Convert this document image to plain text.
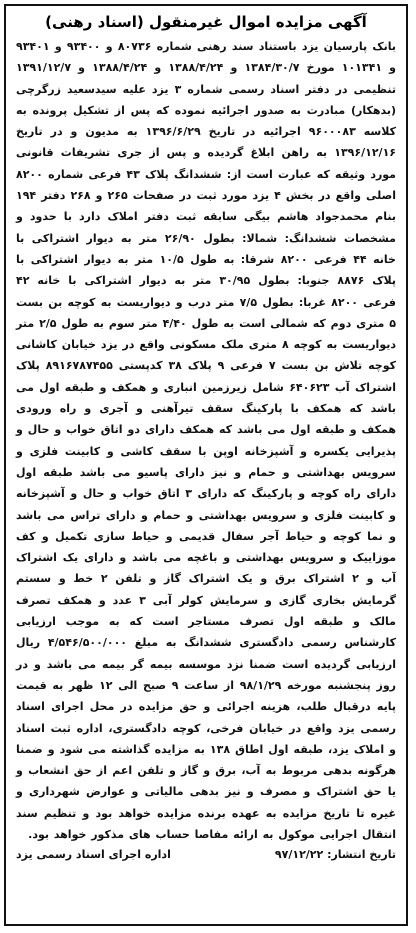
آگهی مزایده اموال غیرمنقول (اسناد رهنی)

بانک پارسیان یزد باستناد سند رهنی شماره ۸۰۷۳۶ و ۹۳۴۰۰ و ۹۳۴۰۱ و ۱۰۱۳۴۱ مورخ ۱۳۸۴/۳۰/۷ و ۱۳۸۸/۴/۲۴ و ۱۳۸۸/۴/۲۴ و ۱۳۹۱/۱۲/۷ تنظیمی در دفتر اسناد رسمی شماره ۳ یزد علیه سیدسعید زرگرچی (بدهکار) مبادرت به صدور اجرائیه نموده که پس از تشکیل پرونده به کلاسه ۹۶۰۰۰۸۳ اجرائیه در تاریخ ۱۳۹۶/۶/۲۹ به مدیون و در تاریخ ۱۳۹۶/۱۲/۱۶ به راهن ابلاغ گردیده و پس از جری تشریفات قانونی مورد وثیقه که عبارت است از: ششدانگ پلاک ۴۳ فرعی شماره ۸۲۰۰ اصلی واقع در بخش ۴ یزد مورد ثبت در صفحات ۲۶۵ و ۲۶۸ دفتر ۱۹۴ بنام محمدجواد هاشم بیگی سابقه ثبت دفتر املاک دارد با حدود و مشخصات ششدانگ: شمالا: بطول ۲۶/۹۰ متر به دیوار اشتراکی با خانه ۴۴ فرعی ۸۲۰۰ شرقا: به طول ۱۰/۵ متر به دیوار اشتراکی با پلاک ۸۸۷۶ جنوبا: بطول ۳۰/۹۵ متر به دیوار اشتراکی با خانه ۴۲ فرعی ۸۲۰۰ غربا: بطول ۷/۵ متر درب و دیواریست به کوچه بن بست ۵ متری دوم که شمالی است به طول ۴/۴۰ متر سوم به طول ۲/۵ متر دیواریست به کوچه ۸ متری ملک مسکونی واقع در یزد خیابان کاشانی کوچه تلاش بن بست ۷ فرعی ۹ پلاک ۳۸ کدپستی ۸۹۱۶۷۸۷۴۵۵ پلاک اشتراک آب ۶۴۰۶۲۳ شامل زیرزمین انباری و همکف و طبقه اول می باشد که همکف با پارکینگ سقف تیرآهنی و آجری و راه ورودی همکف و طبقه اول می باشد که همکف دارای دو اتاق خواب و حال و پذیرایی یکسره و آشپزخانه اوپن با سقف کاشی و کابینت فلزی و سرویس بهداشتی و حمام و نیز دارای پاسیو می باشد طبقه اول دارای راه کوچه و پارکینگ که دارای ۳ اتاق خواب و حال و آشپزخانه و کابینت فلزی و سرویس بهداشتی و حمام و دارای تراس می باشد و نما کوچه و حیاط آجر سفال قدیمی و حیاط سازی تکمیل و کف موزاییک و سرویس بهداشتی و باغچه می باشد و دارای یک اشتراک آب و ۲ اشتراک برق و یک اشتراک گاز و تلفن ۲ خط و سستم گرمایش بخاری گازی و سرمایش کولر آبی ۳ عدد و همکف تصرف مالک و طبقه اول تصرف مستاجر است که به موجب ارزیابی کارشناس رسمی دادگستری ششدانگ به مبلغ ۴/۵۴۶/۵۰۰/۰۰۰ ریال ارزیابی گردیده است ضمنا نزد موسسه بیمه گر بیمه می باشد و در روز پنجشنبه مورخه ۹۸/۱/۲۹ از ساعت ۹ صبح الی ۱۲ ظهر به قیمت پایه درقبال طلب، هزینه اجرائی و حق مزایده در محل اجرای اسناد رسمی یزد واقع در خیابان فرخی، کوچه دادگستری، اداره ثبت اسناد و املاک یزد، طبقه اول اطاق ۱۳۸ به مزایده گذاشته می شود و ضمنا هرگونه بدهی مربوط به آب، برق و گاز و تلفن اعم از حق انشعاب و یا حق اشتراک و مصرف و نیز بدهی مالیاتی و عوارض شهرداری و غیره تا تاریخ مزایده به عهده برنده مزایده خواهد بود و تنظیم سند انتقال اجرایی موکول به ارائه مفاصا حساب های مذکور خواهد بود.

تاریخ انتشار: ۹۷/۱۲/۲۲
اداره اجرای اسناد رسمی یزد
